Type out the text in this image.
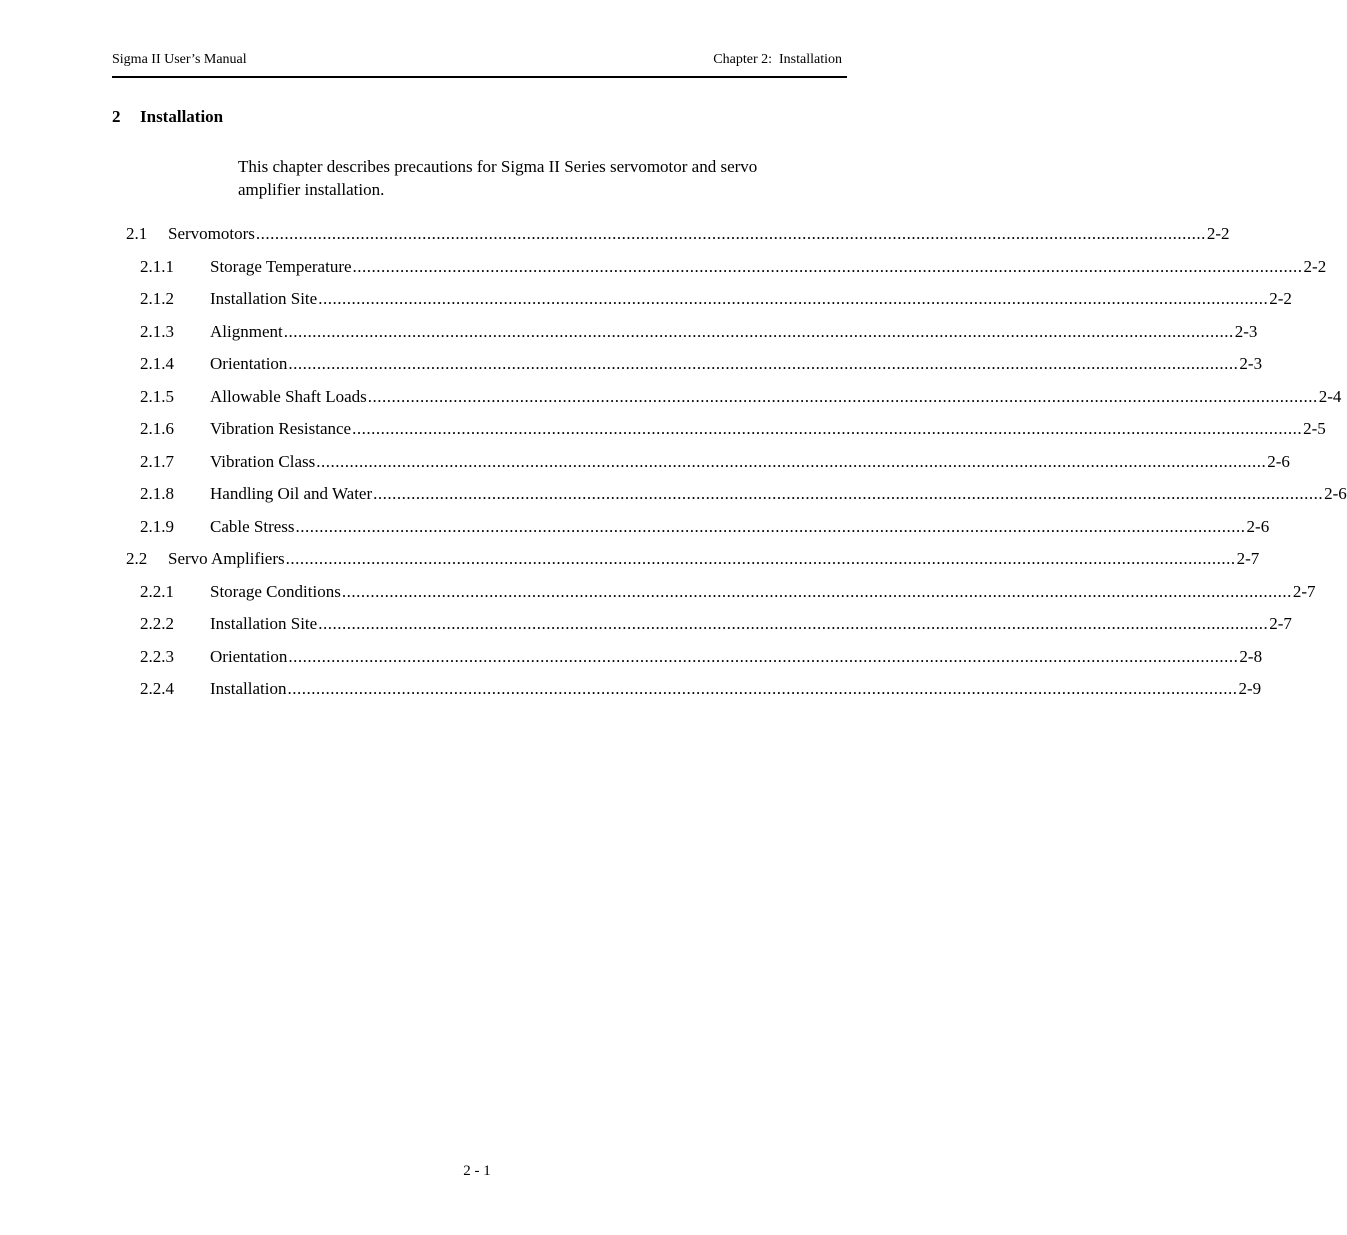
Sigma II User’s Manual	Chapter 2:  Installation
2 Installation
This chapter describes precautions for Sigma II Series servomotor and servo amplifier installation.
2.1 Servomotors ........................................................................................................................................................................................................ 2-2
2.1.1 Storage Temperature ........................................................................................................................................................................................................ 2-2
2.1.2 Installation Site ........................................................................................................................................................................................................ 2-2
2.1.3 Alignment ........................................................................................................................................................................................................ 2-3
2.1.4 Orientation ........................................................................................................................................................................................................ 2-3
2.1.5 Allowable Shaft Loads ........................................................................................................................................................................................................ 2-4
2.1.6 Vibration Resistance ........................................................................................................................................................................................................ 2-5
2.1.7 Vibration Class ........................................................................................................................................................................................................ 2-6
2.1.8 Handling Oil and Water ........................................................................................................................................................................................................ 2-6
2.1.9 Cable Stress ........................................................................................................................................................................................................ 2-6
2.2 Servo Amplifiers ........................................................................................................................................................................................................ 2-7
2.2.1 Storage Conditions ........................................................................................................................................................................................................ 2-7
2.2.2 Installation Site ........................................................................................................................................................................................................ 2-7
2.2.3 Orientation ........................................................................................................................................................................................................ 2-8
2.2.4 Installation ........................................................................................................................................................................................................ 2-9
2 - 1
